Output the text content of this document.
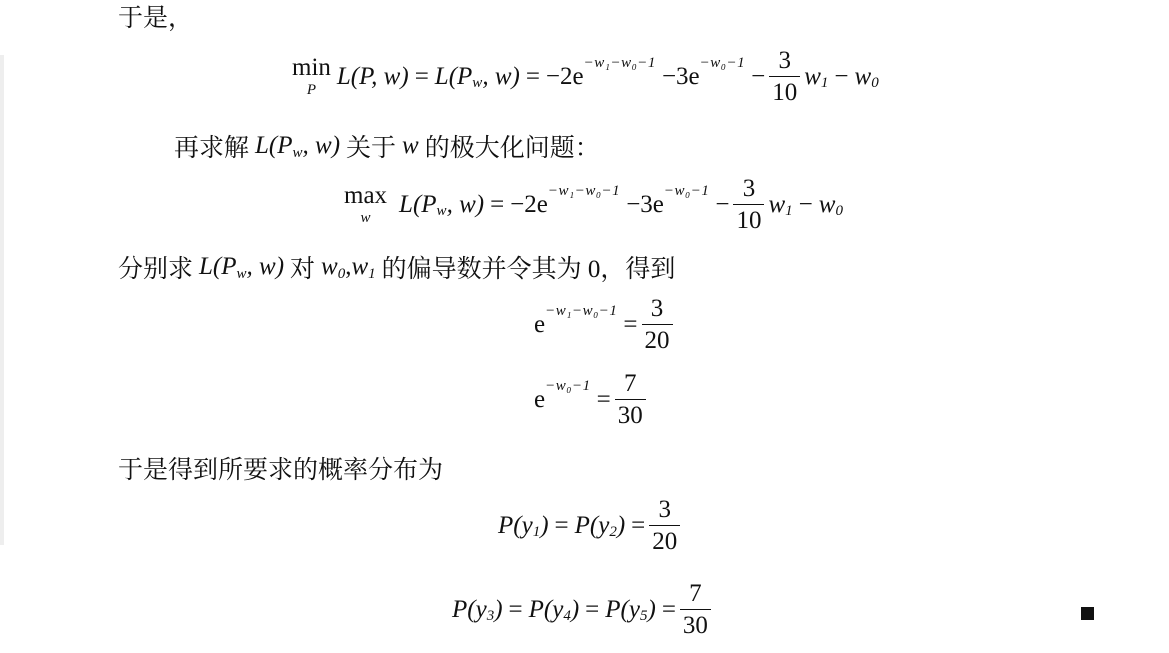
于是，
min
P
L(P, w) = L(P w , $w) = -2e -w_1-w_0-1 -3e -w_0-1 - \frac{3}{10}$ w 1 − w 0
再求解 L(P w , w) 关于 w 的极大化问题：
max
w
L(P w , $w) = -2e -w_1-w_0-1 -3e -w_0-1 - \frac{3}{10}$ w 1 − w 0
分别求 L(P w , w) 对 w 0 , w 1 的偏导数并令其为 0，得到
$e -w_1-w_0-1 = \frac{3}{20}$
$e -w_0-1 = \frac{7}{30}$
于是得到所要求的概率分布为
P(y 1 ) = P(y 2 ) = $\frac{3}{20}$
P(y 3 ) = P(y 4 ) = P(y 5 ) = $\frac{7}{30}$
